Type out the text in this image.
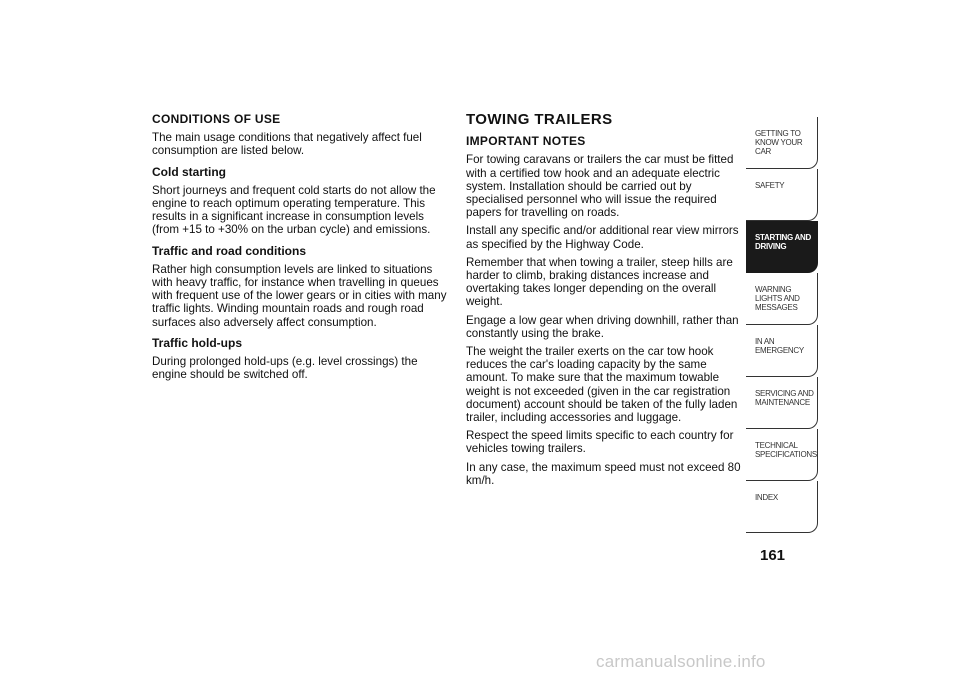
CONDITIONS OF USE

The main usage conditions that negatively affect fuel consumption are listed below.

Cold starting

Short journeys and frequent cold starts do not allow the engine to reach optimum operating temperature. This results in a significant increase in consumption levels (from +15 to +30% on the urban cycle) and emissions.

Traffic and road conditions

Rather high consumption levels are linked to situations with heavy traffic, for instance when travelling in queues with frequent use of the lower gears or in cities with many traffic lights. Winding mountain roads and rough road surfaces also adversely affect consumption.

Traffic hold-ups

During prolonged hold-ups (e.g. level crossings) the engine should be switched off.

TOWING TRAILERS
IMPORTANT NOTES

For towing caravans or trailers the car must be fitted with a certified tow hook and an adequate electric system. Installation should be carried out by specialised personnel who will issue the required papers for travelling on roads.

Install any specific and/or additional rear view mirrors as specified by the Highway Code.

Remember that when towing a trailer, steep hills are harder to climb, braking distances increase and overtaking takes longer depending on the overall weight.

Engage a low gear when driving downhill, rather than constantly using the brake.

The weight the trailer exerts on the car tow hook reduces the car's loading capacity by the same amount. To make sure that the maximum towable weight is not exceeded (given in the car registration document) account should be taken of the fully laden trailer, including accessories and luggage.

Respect the speed limits specific to each country for vehicles towing trailers.

In any case, the maximum speed must not exceed 80 km/h.

GETTING TO KNOW YOUR CAR
SAFETY
STARTING AND DRIVING
WARNING LIGHTS AND MESSAGES
IN AN EMERGENCY
SERVICING AND MAINTENANCE
TECHNICAL SPECIFICATIONS
INDEX
161
carmanualsonline.info
